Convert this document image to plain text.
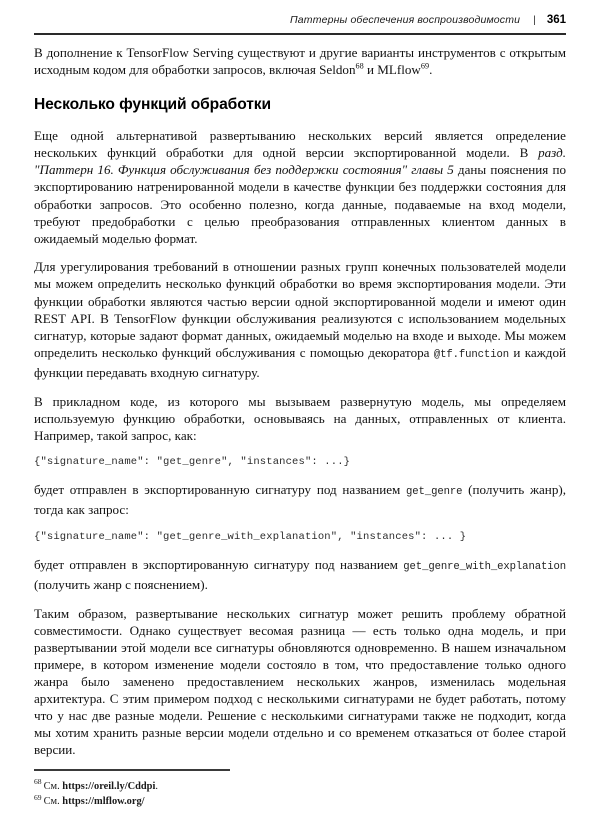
Паттерны обеспечения воспроизводимости	| 361

В дополнение к TensorFlow Serving существуют и другие варианты инструментов с открытым исходным кодом для обработки запросов, включая Seldon$^{68}$ и MLflow$^{69}$.

Несколько функций обработки

Еще одной альтернативой развертыванию нескольких версий является определение нескольких функций обработки для одной версии экспортированной модели. В разд. "Паттерн 16. Функция обслуживания без поддержки состояния" главы 5 даны пояснения по экспортированию натренированной модели в качестве функции без поддержки состояния для обработки запросов. Это особенно полезно, когда данные, подаваемые на вход модели, требуют предобработки с целью преобразования отправленных клиентом данных в ожидаемый моделью формат.

Для урегулирования требований в отношении разных групп конечных пользователей модели мы можем определить несколько функций обработки во время экспортирования модели. Эти функции обработки являются частью версии одной экспортированной модели и имеют один REST API. В TensorFlow функции обслуживания реализуются с использованием модельных сигнатур, которые задают формат данных, ожидаемый моделью на входе и выходе. Мы можем определить несколько функций обслуживания с помощью декоратора @tf.function и каждой функции передавать входную сигнатуру.

В прикладном коде, из которого мы вызываем развернутую модель, мы определяем используемую функцию обработки, основываясь на данных, отправленных от клиента. Например, такой запрос, как:

{"signature_name": "get_genre", "instances": ...}

будет отправлен в экспортированную сигнатуру под названием get_genre (получить жанр), тогда как запрос:

{"signature_name": "get_genre_with_explanation", "instances": ... }

будет отправлен в экспортированную сигнатуру под названием get_genre_with_explanation (получить жанр с пояснением).

Таким образом, развертывание нескольких сигнатур может решить проблему обратной совместимости. Однако существует весомая разница — есть только одна модель, и при развертывании этой модели все сигнатуры обновляются одновременно. В нашем изначальном примере, в котором изменение модели состояло в том, что предоставление только одного жанра было заменено предоставлением нескольких жанров, изменилась модельная архитектура. С этим примером подход с несколькими сигнатурами не будет работать, потому что у нас две разные модели. Решение с несколькими сигнатурами также не подходит, когда мы хотим хранить разные версии модели отдельно и со временем отказаться от более старой версии.

$^{68}$ См. https://oreil.ly/Cddpi.

$^{69}$ См. https://mlflow.org/
